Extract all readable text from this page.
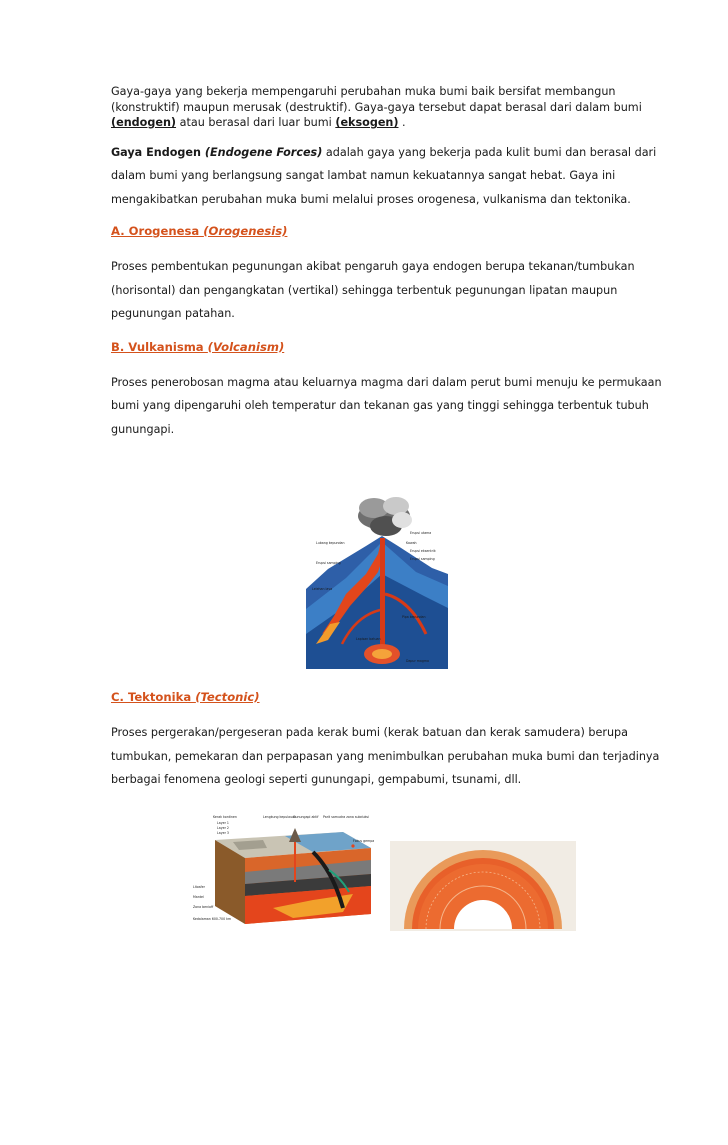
Gaya-gaya yang bekerja mempengaruhi perubahan muka bumi baik bersifat membangun (konstruktif) maupun merusak (destruktif). Gaya-gaya tersebut dapat berasal dari dalam bumi (endogen) atau berasal dari luar bumi (eksogen) .

Gaya Endogen (Endogene Forces) adalah gaya yang bekerja pada kulit bumi dan berasal dari dalam bumi yang berlangsung sangat lambat namun kekuatannya sangat hebat. Gaya ini mengakibatkan perubahan muka bumi melalui proses orogenesa, vulkanisma dan tektonika.

A. Orogenesa (Orogenesis)

Proses pembentukan pegunungan akibat pengaruh gaya endogen berupa tekanan/tumbukan (horisontal) dan pengangkatan (vertikal) sehingga terbentuk pegunungan lipatan maupun pegunungan patahan.

B. Vulkanisma (Volcanism)

Proses penerobosan magma atau keluarnya magma dari dalam perut bumi menuju ke permukaan bumi yang dipengaruhi oleh temperatur dan tekanan gas yang tinggi sehingga terbentuk tubuh gunungapi.

Lubang kepundan	Kawah
Erupsi samping
Lelehan lava
Erupsi utama
Erupsi eksentrik
Erupsi samping
Pipa kepundan
Lapisan batuan
Dapur magma

C. Tektonika (Tectonic)

Proses pergerakan/pergeseran pada kerak bumi (kerak batuan dan kerak samudera) berupa tumbukan, pemekaran dan perpapasan yang menimbulkan perubahan muka bumi dan terjadinya berbagai fenomena geologi seperti gunungapi, gempabumi, tsunami, dll.

Kerak kontinen
Layer 1
Layer 2
Layer 3
Lengkung kepulauan
Gunungapi aktif Parit samudra zona subduksi
Fokus gempa
Litosfer
Mantel
Zona benioff
Kedalaman 600-700 km
